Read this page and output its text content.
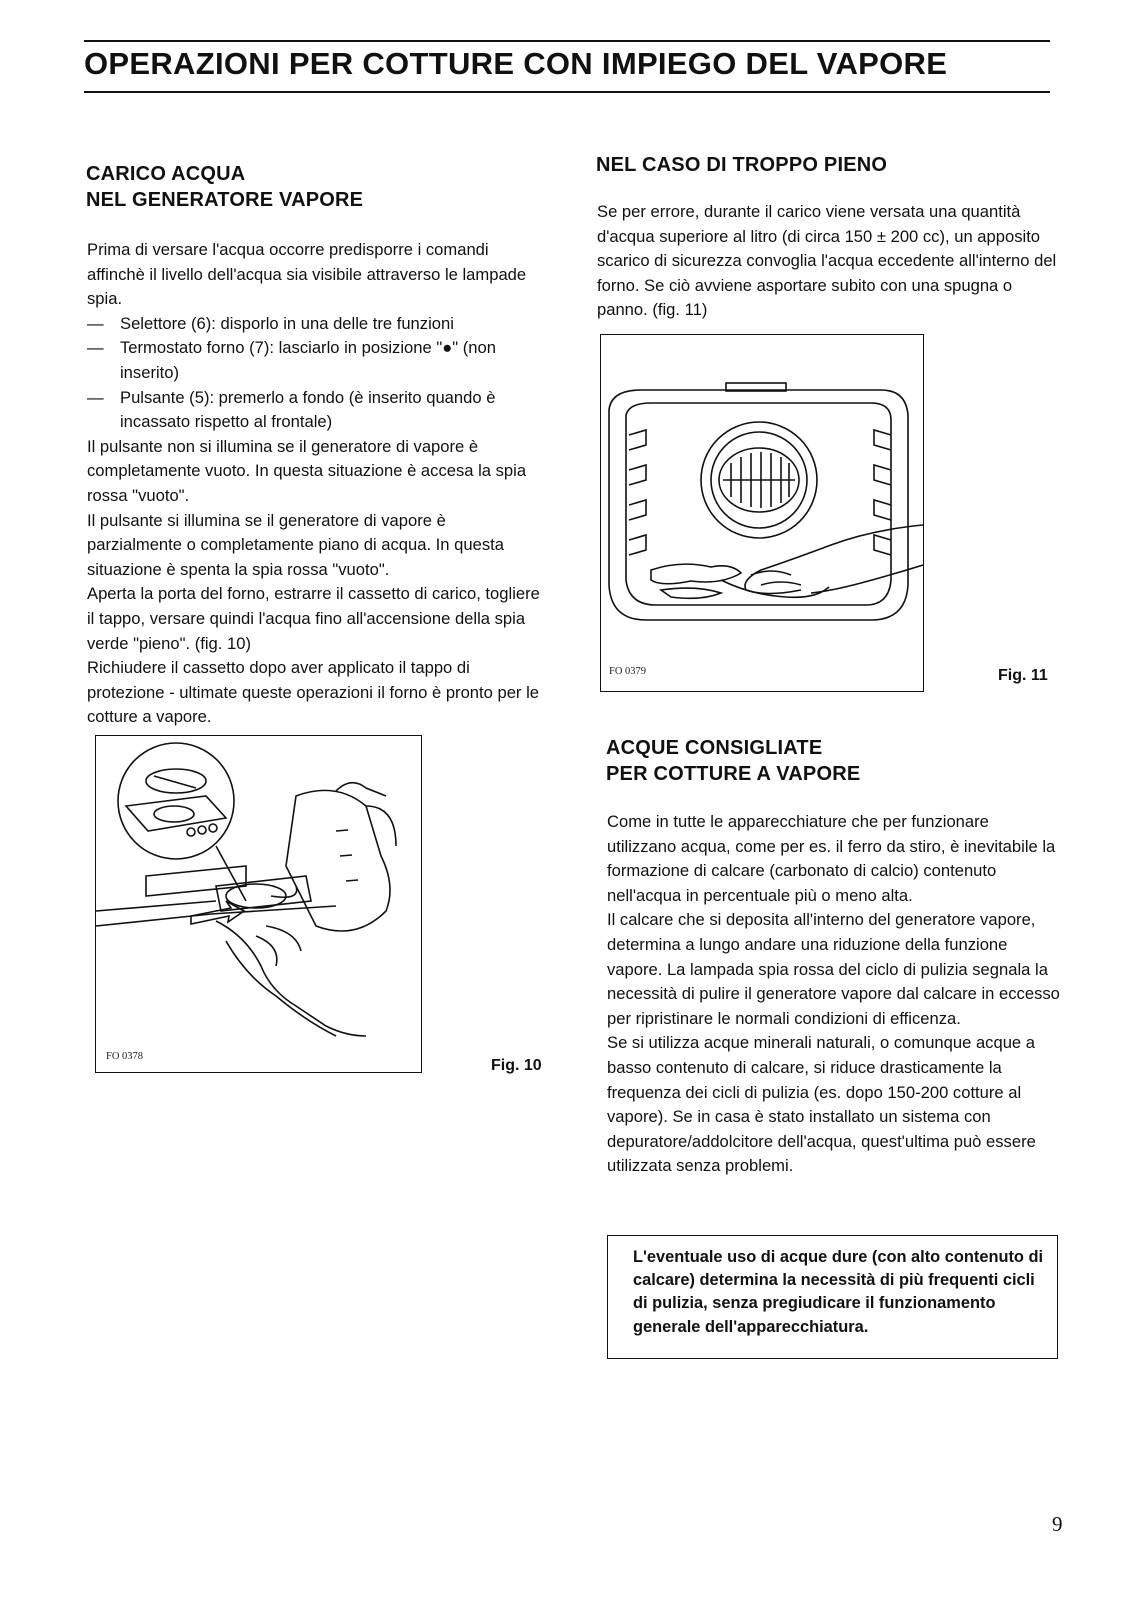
OPERAZIONI PER COTTURE CON IMPIEGO DEL VAPORE
CARICO ACQUA
NEL GENERATORE VAPORE

Prima di versare l'acqua occorre predisporre i comandi affinchè il livello dell'acqua sia visibile attraverso le lampade spia.

— Selettore (6): disporlo in una delle tre funzioni
— Termostato forno (7): lasciarlo in posizione "●" (non inserito)
— Pulsante (5): premerlo a fondo (è inserito quando è incassato rispetto al frontale)

Il pulsante non si illumina se il generatore di vapore è completamente vuoto. In questa situazione è accesa la spia rossa "vuoto".

Il pulsante si illumina se il generatore di vapore è parzialmente o completamente piano di acqua. In questa situazione è spenta la spia rossa "vuoto".

Aperta la porta del forno, estrarre il cassetto di carico, togliere il tappo, versare quindi l'acqua fino all'accensione della spia verde "pieno". (fig. 10)

Richiudere il cassetto dopo aver applicato il tappo di protezione - ultimate queste operazioni il forno è pronto per le cotture a vapore.

FO 0378
Fig. 10
NEL CASO DI TROPPO PIENO

Se per errore, durante il carico viene versata una quantità d'acqua superiore al litro (di circa 150 ± 200 cc), un apposito scarico di sicurezza convoglia l'acqua eccedente all'interno del forno. Se ciò avviene asportare subito con una spugna o panno. (fig. 11)

FO 0379	Fig. 11
ACQUE CONSIGLIATE
PER COTTURE A VAPORE

Come in tutte le apparecchiature che per funzionare utilizzano acqua, come per es. il ferro da stiro, è inevitabile la formazione di calcare (carbonato di calcio) contenuto nell'acqua in percentuale più o meno alta.

Il calcare che si deposita all'interno del generatore vapore, determina a lungo andare una riduzione della funzione vapore. La lampada spia rossa del ciclo di pulizia segnala la necessità di pulire il generatore vapore dal calcare in eccesso per ripristinare le normali condizioni di efficenza.

Se si utilizza acque minerali naturali, o comunque acque a basso contenuto di calcare, si riduce drasticamente la frequenza dei cicli di pulizia (es. dopo 150-200 cotture al vapore). Se in casa è stato installato un sistema con depuratore/addolcitore dell'acqua, quest'ultima può essere utilizzata senza problemi.

L'eventuale uso di acque dure (con alto contenuto di calcare) determina la necessità di più frequenti cicli di pulizia, senza pregiudicare il funzionamento generale dell'apparecchiatura.

9
